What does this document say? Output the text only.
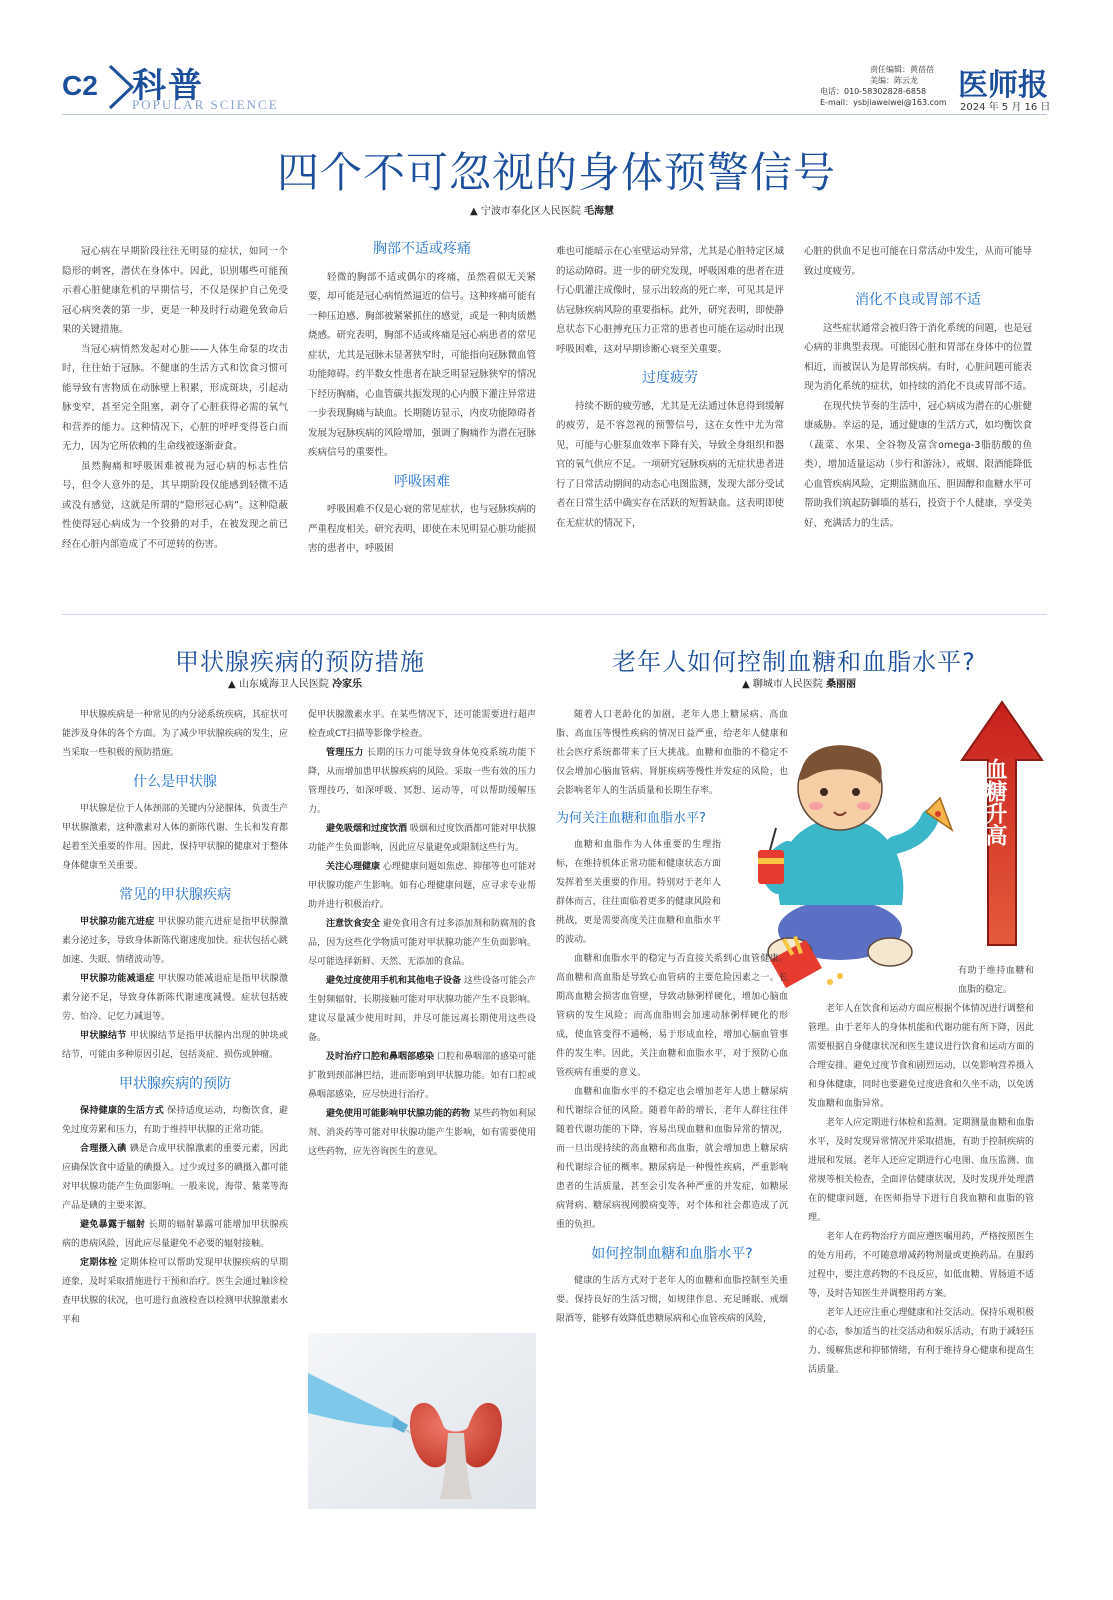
C2 科普
POPULAR SCIENCE
责任编辑：黄蓓蓓
美编：陈云龙
电话：010-58302828-6858
E-mail：ysbjiaweiwei@163.com 医师报
2024 年 5 月 16 日
四个不可忽视的身体预警信号
▲ 宁波市奉化区人民医院 毛海慧

冠心病在早期阶段往往无明显的症状，如同一个隐形的刺客，潜伏在身体中。因此，识别哪些可能预示着心脏健康危机的早期信号，不仅是保护自己免受冠心病突袭的第一步，更是一种及时行动避免致命后果的关键措施。

当冠心病悄然发起对心脏——人体生命泵的攻击时，往往始于冠脉。不健康的生活方式和饮食习惯可能导致有害物质在动脉壁上积累，形成斑块，引起动脉变窄，甚至完全阻塞，剥夺了心脏获得必需的氧气和营养的能力。这种情况下，心脏的呼呼变得苍白而无力，因为它所依赖的生命线被逐渐蚕食。

虽然胸痛和呼吸困难被视为冠心病的标志性信号，但令人意外的是，其早期阶段仅能感到轻微不适或没有感觉，这就是所谓的“隐形冠心病”。这种隐蔽性使得冠心病成为一个狡猾的对手，在被发现之前已经在心脏内部造成了不可逆转的伤害。

胸部不适或疼痛

轻微的胸部不适或偶尔的疼痛，虽然看似无关紧要，却可能是冠心病悄然逼近的信号。这种疼痛可能有一种压迫感、胸部被紧紧抓住的感觉，或是一种肉质燃烧感。研究表明，胸部不适或疼痛是冠心病患者的常见症状，尤其是冠脉未显著狭窄时，可能指向冠脉微血管功能障碍。约半数女性患者在缺乏明显冠脉狭窄的情况下经历胸痛，心血管碳共振发现的心内膜下灌注异常进一步表现胸痛与缺血。长期随访显示，内皮功能障碍者发展为冠脉疾病的风险增加，强调了胸痛作为潜在冠脉疾病信号的重要性。

呼吸困难

呼吸困难不仅是心衰的常见症状，也与冠脉疾病的严重程度相关。研究表明，即使在未见明显心脏功能损害的患者中，呼吸困

难也可能暗示在心室壁运动异常，尤其是心脏特定区域的运动障碍。进一步的研究发现，呼吸困难的患者在进行心肌灌注成像时，显示出较高的死亡率，可见其是评估冠脉疾病风险的重要指标。此外，研究表明，即使静息状态下心脏搏充压力正常的患者也可能在运动时出现呼吸困难，这对早期诊断心衰至关重要。

过度疲劳

持续不断的疲劳感，尤其是无法通过休息得到缓解的疲劳，是不容忽视的预警信号，这在女性中尤为常见，可能与心脏泵血效率下降有关，导致全身组织和器官的氧气供应不足。一项研究冠脉疾病的无症状患者进行了日常活动期间的动态心电图监测，发现大部分受试者在日常生活中确实存在活跃的短暂缺血。这表明即使在无症状的情况下，

心脏的供血不足也可能在日常活动中发生，从而可能导致过度疲劳。

消化不良或胃部不适

这些症状通常会被归咎于消化系统的问题，也是冠心病的非典型表现。可能因心脏和胃部在身体中的位置相近，而被误认为是胃部疾病。有时，心脏问题可能表现为消化系统的症状，如持续的消化不良或胃部不适。

在现代快节奏的生活中，冠心病成为潜在的心脏健康威胁。幸运的是，通过健康的生活方式，如均衡饮食（蔬菜、水果、全谷物及富含omega-3脂肪酸的鱼类），增加适量运动（步行和游泳），戒烟、限酒能降低心血管疾病风险，定期监测血压、胆固醇和血糖水平可帮助我们筑起防御墙的基石，投资于个人健康，享受美好、充满活力的生活。

甲状腺疾病的预防措施
▲ 山东威海卫人民医院 冷家乐

甲状腺疾病是一种常见的内分泌系统疾病，其症状可能涉及身体的各个方面。为了减少甲状腺疾病的发生，应当采取一些积极的预防措施。

什么是甲状腺

甲状腺是位于人体颈部的关键内分泌腺体，负责生产甲状腺激素，这种激素对人体的新陈代谢、生长和发育都起着至关重要的作用。因此，保持甲状腺的健康对于整体身体健康至关重要。

常见的甲状腺疾病

甲状腺功能亢进症 甲状腺功能亢进症是指甲状腺激素分泌过多，导致身体新陈代谢速度加快。症状包括心跳加速、失眠、情绪波动等。

甲状腺功能减退症 甲状腺功能减退症是指甲状腺激素分泌不足，导致身体新陈代谢速度减慢。症状包括疲劳、怕冷、记忆力减退等。

甲状腺结节 甲状腺结节是指甲状腺内出现的肿块或结节，可能由多种原因引起，包括炎症、损伤或肿瘤。

甲状腺疾病的预防

保持健康的生活方式 保持适度运动，均衡饮食，避免过度劳累和压力，有助于维持甲状腺的正常功能。

合理摄入碘 碘是合成甲状腺激素的重要元素，因此应确保饮食中适量的碘摄入。过少或过多的碘摄入都可能对甲状腺功能产生负面影响。一般来说，海带、紫菜等海产品是碘的主要来源。

避免暴露于辐射 长期的辐射暴露可能增加甲状腺疾病的患病风险，因此应尽量避免不必要的辐射接触。

定期体检 定期体检可以帮助发现甲状腺疾病的早期迹象，及时采取措施进行干预和治疗。医生会通过触诊检查甲状腺的状况，也可进行血液检查以检测甲状腺激素水平和

促甲状腺激素水平。在某些情况下，还可能需要进行超声检查或CT扫描等影像学检查。

管理压力 长期的压力可能导致身体免疫系统功能下降，从而增加患甲状腺疾病的风险。采取一些有效的压力管理技巧，如深呼吸、冥想、运动等，可以帮助缓解压力。

避免吸烟和过度饮酒 吸烟和过度饮酒都可能对甲状腺功能产生负面影响，因此应尽量避免或限制这些行为。

关注心理健康 心理健康问题如焦虑、抑郁等也可能对甲状腺功能产生影响。如有心理健康问题，应寻求专业帮助并进行积极治疗。

注意饮食安全 避免食用含有过多添加剂和防腐剂的食品，因为这些化学物质可能对甲状腺功能产生负面影响。尽可能选择新鲜、天然、无添加的食品。

避免过度使用手机和其他电子设备 这些设备可能会产生射频辐射，长期接触可能对甲状腺功能产生不良影响。建议尽量减少使用时间，并尽可能远离长期使用这些设备。

及时治疗口腔和鼻咽部感染 口腔和鼻咽部的感染可能扩散到颈部淋巴结，进而影响到甲状腺功能。如有口腔或鼻咽部感染，应尽快进行治疗。

避免使用可能影响甲状腺功能的药物 某些药物如利尿剂、消炎药等可能对甲状腺功能产生影响，如有需要使用这些药物，应先咨询医生的意见。

老年人如何控制血糖和血脂水平?
▲ 聊城市人民医院 桑丽丽
血糖升高

随着人口老龄化的加剧，老年人患上糖尿病、高血脂、高血压等慢性疾病的情况日益严重，给老年人健康和社会医疗系统都带来了巨大挑战。血糖和血脂的不稳定不仅会增加心脑血管病、肾脏疾病等慢性并发症的风险，也会影响老年人的生活质量和长期生存率。

为何关注血糖和血脂水平?

血糖和血脂作为人体重要的生理指标，在维持机体正常功能和健康状态方面发挥着至关重要的作用。特别对于老年人群体而言，往往面临着更多的健康风险和挑战，更是需要高度关注血糖和血脂水平的波动。

血糖和血脂水平的稳定与否直接关系到心血管健康。高血糖和高血脂是导致心血管病的主要危险因素之一。长期高血糖会损害血管壁，导致动脉粥样硬化，增加心脑血管病的发生风险；而高血脂则会加速动脉粥样硬化的形成，使血管变得不通畅，易于形成血栓，增加心脑血管事件的发生率。因此，关注血糖和血脂水平，对于预防心血管疾病有重要的意义。

血糖和血脂水平的不稳定也会增加老年人患上糖尿病和代谢综合征的风险。随着年龄的增长，老年人群往往伴随着代谢功能的下降，容易出现血糖和血脂异常的情况，而一旦出现持续的高血糖和高血脂，就会增加患上糖尿病和代谢综合征的概率。糖尿病是一种慢性疾病，严重影响患者的生活质量，甚至会引发各种严重的并发症，如糖尿病肾病、糖尿病视网膜病变等，对个体和社会都造成了沉重的负担。

如何控制血糖和血脂水平?

健康的生活方式对于老年人的血糖和血脂控制至关重要。保持良好的生活习惯，如规律作息、充足睡眠、戒烟限酒等，能够有效降低患糖尿病和心血管疾病的风险，

有助于维持血糖和血脂的稳定。

老年人在饮食和运动方面应根据个体情况进行调整和管理。由于老年人的身体机能和代谢功能有所下降，因此需要根据自身健康状况和医生建议进行饮食和运动方面的合理安排。避免过度节食和剧烈运动，以免影响营养摄入和身体健康，同时也要避免过度进食和久坐不动，以免诱发血糖和血脂异常。

老年人应定期进行体检和监测。定期测量血糖和血脂水平，及时发现异常情况并采取措施，有助于控制疾病的进展和发展。老年人还应定期进行心电图、血压监测、血常规等相关检查，全面评估健康状况，及时发现并处理潜在的健康问题，在医师指导下进行自我血糖和血脂的管理。

老年人在药物治疗方面应遵医嘱用药，严格按照医生的处方用药，不可随意增减药物剂量或更换药品。在服药过程中，要注意药物的不良反应，如低血糖、胃肠道不适等，及时告知医生并调整用药方案。

老年人还应注重心理健康和社交活动。保持乐观积极的心态，参加适当的社交活动和娱乐活动，有助于减轻压力、缓解焦虑和抑郁情绪，有利于维持身心健康和提高生活质量。
